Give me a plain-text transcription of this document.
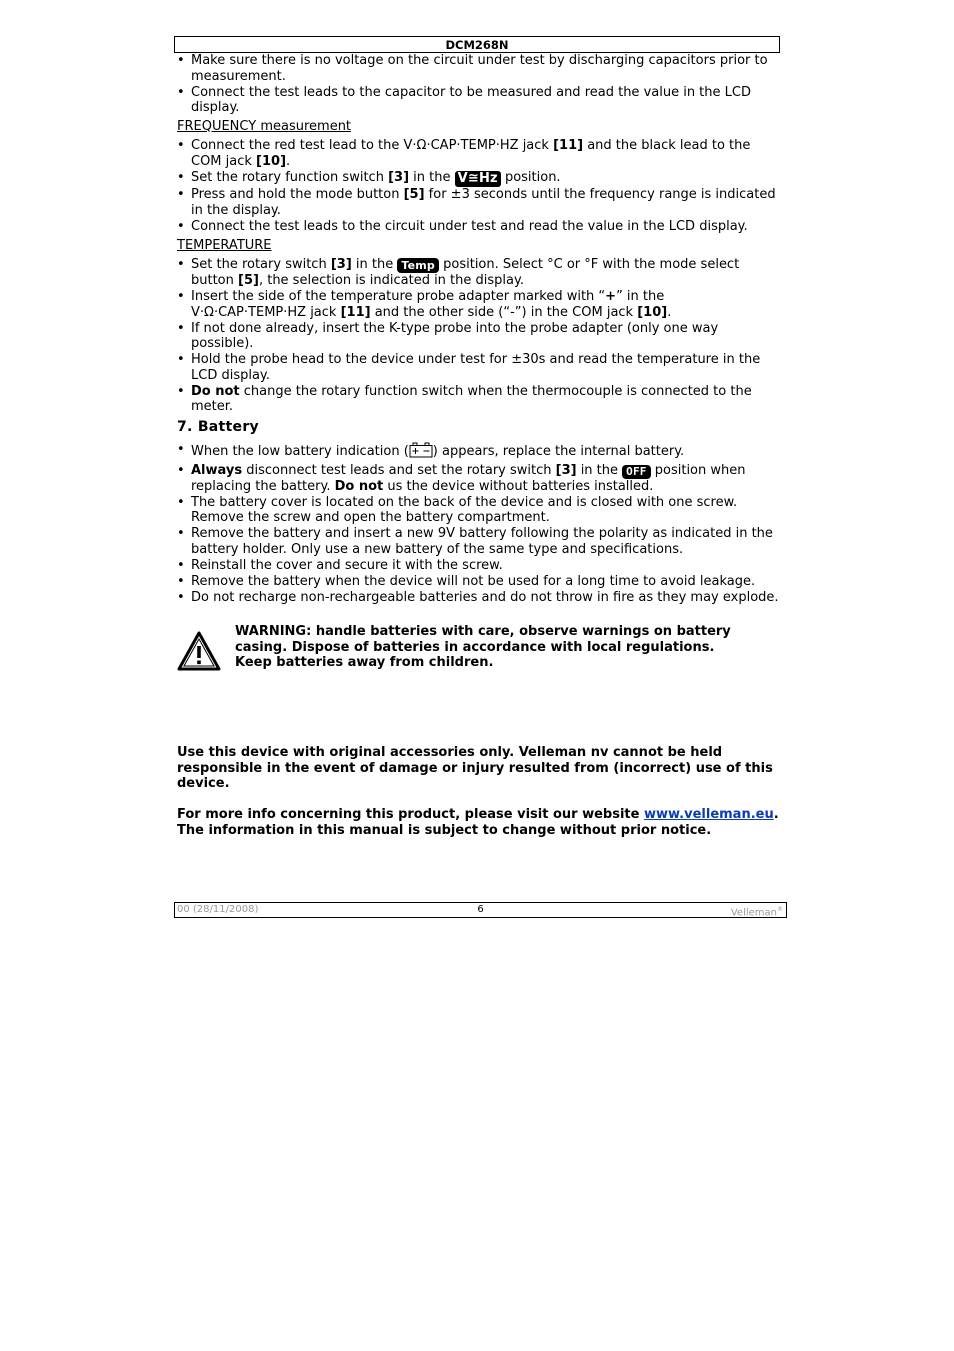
DCM268N
• Make sure there is no voltage on the circuit under test by discharging capacitors prior to measurement.
• Connect the test leads to the capacitor to be measured and read the value in the LCD display.
FREQUENCY measurement
• Connect the red test lead to the V·Ω·CAP·TEMP·HZ jack [11] and the black lead to the COM jack [10].
• Set the rotary function switch [3] in the V≅Hz position.
• Press and hold the mode button [5] for ±3 seconds until the frequency range is indicated in the display.
• Connect the test leads to the circuit under test and read the value in the LCD display.
TEMPERATURE
• Set the rotary switch [3] in the Temp position. Select °C or °F with the mode select button [5], the selection is indicated in the display.
• Insert the side of the temperature probe adapter marked with “+” in the V·Ω·CAP·TEMP·HZ jack [11] and the other side (“-”) in the COM jack [10].
• If not done already, insert the K-type probe into the probe adapter (only one way possible).
• Hold the probe head to the device under test for ±30s and read the temperature in the LCD display.
• Do not change the rotary function switch when the thermocouple is connected to the meter.
7. Battery
• When the low battery indication ( ) appears, replace the internal battery.
• Always disconnect test leads and set the rotary switch [3] in the OFF position when replacing the battery. Do not us the device without batteries installed.
• The battery cover is located on the back of the device and is closed with one screw. Remove the screw and open the battery compartment.
• Remove the battery and insert a new 9V battery following the polarity as indicated in the battery holder. Only use a new battery of the same type and specifications.
• Reinstall the cover and secure it with the screw.
• Remove the battery when the device will not be used for a long time to avoid leakage.
• Do not recharge non-rechargeable batteries and do not throw in fire as they may explode.
WARNING: handle batteries with care, observe warnings on battery casing. Dispose of batteries in accordance with local regulations.
Keep batteries away from children.
Use this device with original accessories only. Velleman nv cannot be held responsible in the event of damage or injury resulted from (incorrect) use of this device.
For more info concerning this product, please visit our website www.velleman.eu.
The information in this manual is subject to change without prior notice.
00 (28/11/2008)	6	Velleman®
